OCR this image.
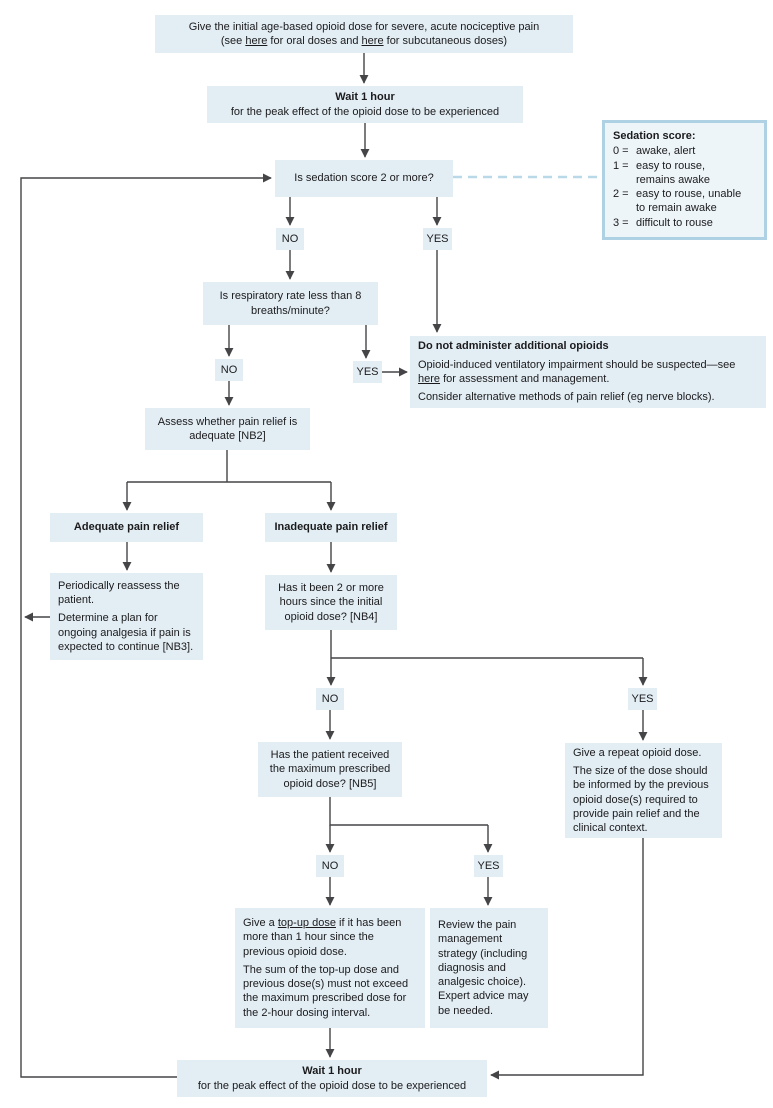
Give the initial age-based opioid dose for severe, acute nociceptive pain
(see here for oral doses and here for subcutaneous doses)
Wait 1 hour
for the peak effect of the opioid dose to be experienced
Is sedation score 2 or more?
Sedation score:
0 = awake, alert
1 = easy to rouse,
remains awake
2 = easy to rouse, unable
to remain awake
3 = difficult to rouse
NO	YES
Is respiratory rate less than 8 breaths/minute?
NO	YES

Do not administer additional opioids

Opioid-induced ventilatory impairment should be suspected—see here for assessment and management.

Consider alternative methods of pain relief (eg nerve blocks).

Assess whether pain relief is adequate [NB2]
Adequate pain relief	Inadequate pain relief

Periodically reassess the patient.

Determine a plan for ongoing analgesia if pain is expected to continue [NB3].

Has it been 2 or more hours since the initial opioid dose? [NB4]
NO	YES
Has the patient received the maximum prescribed opioid dose? [NB5]

Give a repeat opioid dose.

The size of the dose should be informed by the previous opioid dose(s) required to provide pain relief and the clinical context.

NO	YES

Give a top-up dose if it has been more than 1 hour since the previous opioid dose.

The sum of the top-up dose and previous dose(s) must not exceed the maximum prescribed dose for the 2-hour dosing interval.

Review the pain management strategy (including diagnosis and analgesic choice). Expert advice may be needed.
Wait 1 hour
for the peak effect of the opioid dose to be experienced
